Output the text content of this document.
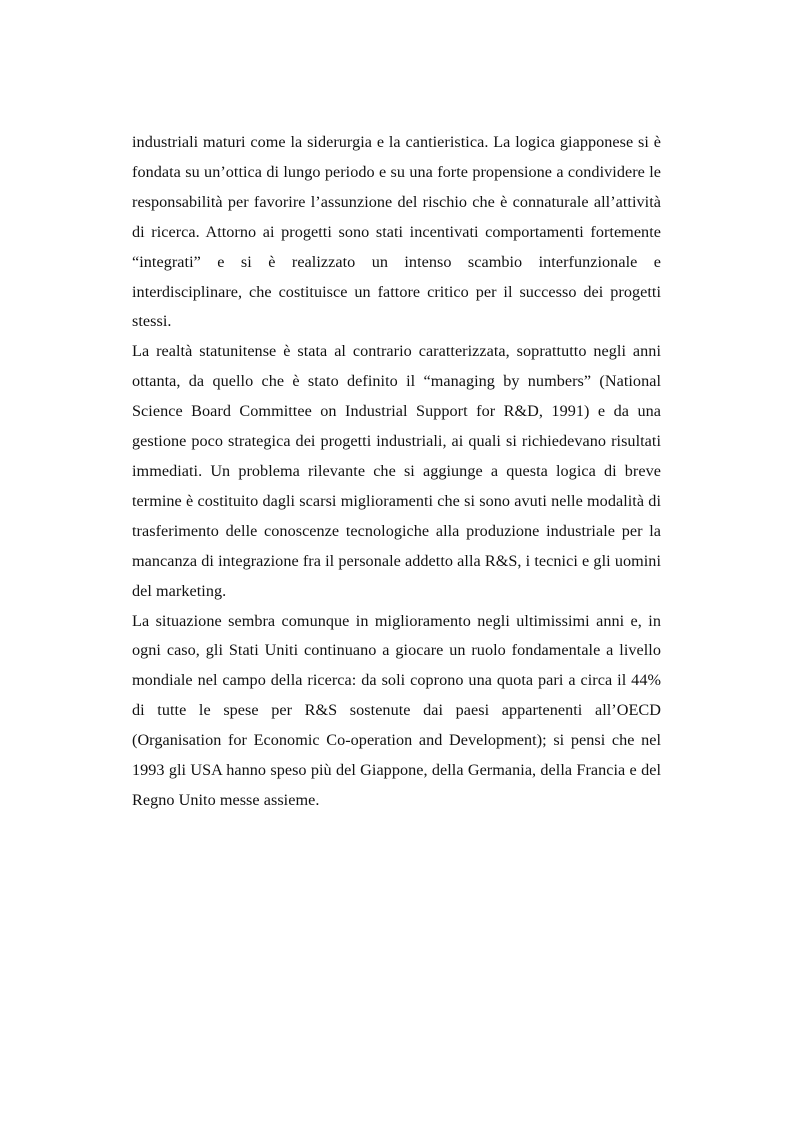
industriali maturi come la siderurgia e la cantieristica. La logica giapponese si è fondata su un’ottica di lungo periodo e su una forte propensione a condividere le responsabilità per favorire l’assunzione del rischio che è connaturale all’attività di ricerca. Attorno ai progetti sono stati incentivati comportamenti fortemente “integrati” e si è realizzato un intenso scambio interfunzionale e interdisciplinare, che costituisce un fattore critico per il successo dei progetti stessi.

La realtà statunitense è stata al contrario caratterizzata, soprattutto negli anni ottanta, da quello che è stato definito il “managing by numbers” (National Science Board Committee on Industrial Support for R&D, 1991) e da una gestione poco strategica dei progetti industriali, ai quali si richiedevano risultati immediati. Un problema rilevante che si aggiunge a questa logica di breve termine è costituito dagli scarsi miglioramenti che si sono avuti nelle modalità di trasferimento delle conoscenze tecnologiche alla produzione industriale per la mancanza di integrazione fra il personale addetto alla R&S, i tecnici e gli uomini del marketing.

La situazione sembra comunque in miglioramento negli ultimissimi anni e, in ogni caso, gli Stati Uniti continuano a giocare un ruolo fondamentale a livello mondiale nel campo della ricerca: da soli coprono una quota pari a circa il 44% di tutte le spese per R&S sostenute dai paesi appartenenti all’OECD (Organisation for Economic Co-operation and Development); si pensi che nel 1993 gli USA hanno speso più del Giappone, della Germania, della Francia e del Regno Unito messe assieme.
